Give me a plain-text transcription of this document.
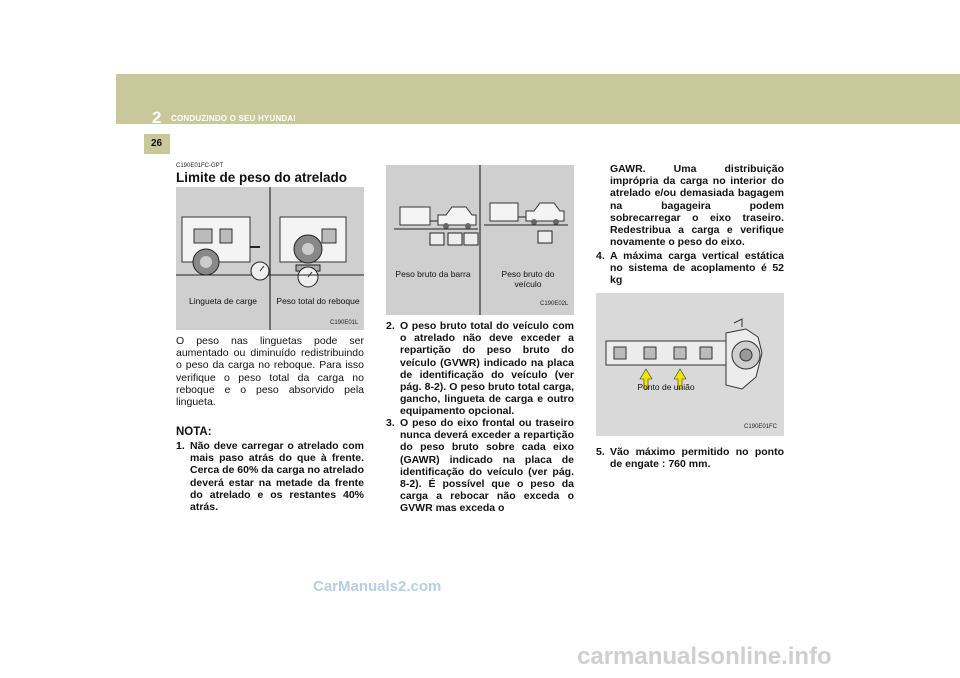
2 CONDUZINDO O SEU HYUNDAI
26
C190E01FC-GPT
Limite de peso do atrelado
Lingueta de carge	Peso total do reboque
C190E01L
O peso nas linguetas pode ser aumentado ou diminuído redistribuindo o peso da carga no reboque. Para isso verifique o peso total da carga no reboque e o peso absorvido pela lingueta.
NOTA:
1. Não deve carregar o atrelado com mais paso atrás do que à frente. Cerca de 60% da carga no atrelado deverá estar na metade da frente do atrelado e os restantes 40% atrás.
Peso bruto da barra	Peso bruto do veículo
C190E02L
2. O peso bruto total do veículo com o atrelado não deve exceder a repartição do peso bruto do veículo (GVWR) indicado na placa de identificação do veículo (ver pág. 8-2). O peso bruto total carga, gancho, lingueta de carga e outro equipamento opcional.
3. O peso do eixo frontal ou traseiro nunca deverá exceder a repartição do peso bruto sobre cada eixo (GAWR) indicado na placa de identificação do veículo (ver pág. 8-2). É possível que o peso da carga a rebocar não exceda o GVWR mas exceda o
GAWR. Uma distribuição imprópria da carga no interior do atrelado e/ou demasiada bagagem na bagageira podem sobrecarregar o eixo traseiro. Redestribua a carga e verifique novamente o peso do eixo.
4. A máxima carga vertical estática no sistema de acoplamento é 52 kg
Ponto de união
C190E01FC
5. Vão máximo permitido no ponto de engate : 760 mm.
CarManuals2.com
carmanualsonline.info
